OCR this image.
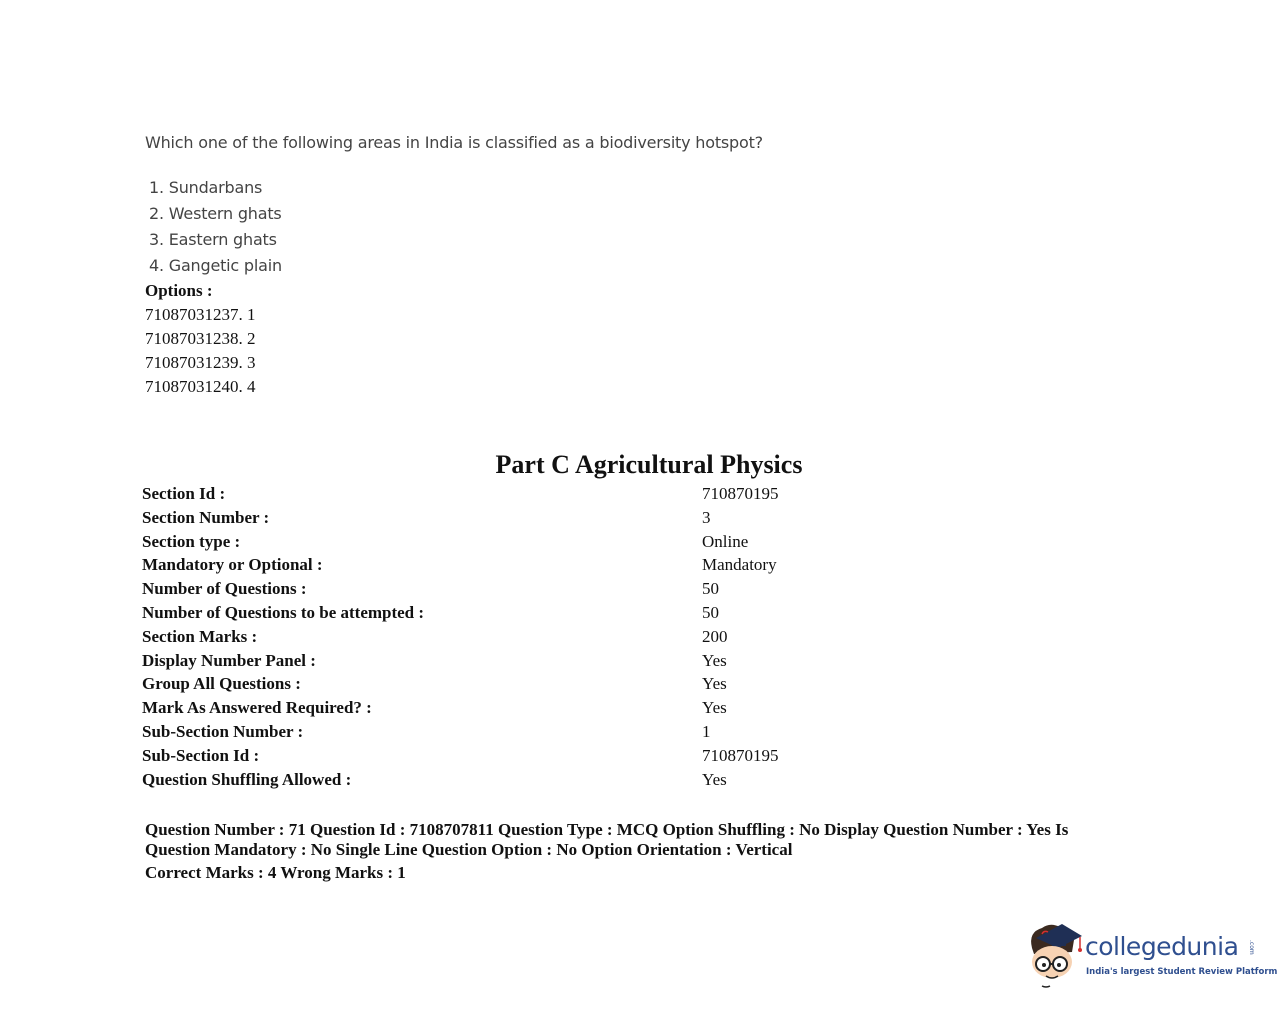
Which one of the following areas in India is classified as a biodiversity hotspot?
1. Sundarbans
2. Western ghats
3. Eastern ghats
4. Gangetic plain
Options :
71087031237. 1
71087031238. 2
71087031239. 3
71087031240. 4
Part C Agricultural Physics
Section Id :	710870195
Section Number :	3
Section type :	Online
Mandatory or Optional :	Mandatory
Number of Questions :	50
Number of Questions to be attempted :	50
Section Marks :	200
Display Number Panel :	Yes
Group All Questions :	Yes
Mark As Answered Required? :	Yes
Sub-Section Number :	1
Sub-Section Id :	710870195
Question Shuffling Allowed :	Yes
Question Number : 71 Question Id : 7108707811 Question Type : MCQ Option Shuffling : No Display Question Number : Yes Is Question Mandatory : No Single Line Question Option : No Option Orientation : Vertical
Correct Marks : 4 Wrong Marks : 1
collegedunia .com
India's largest Student Review Platform
